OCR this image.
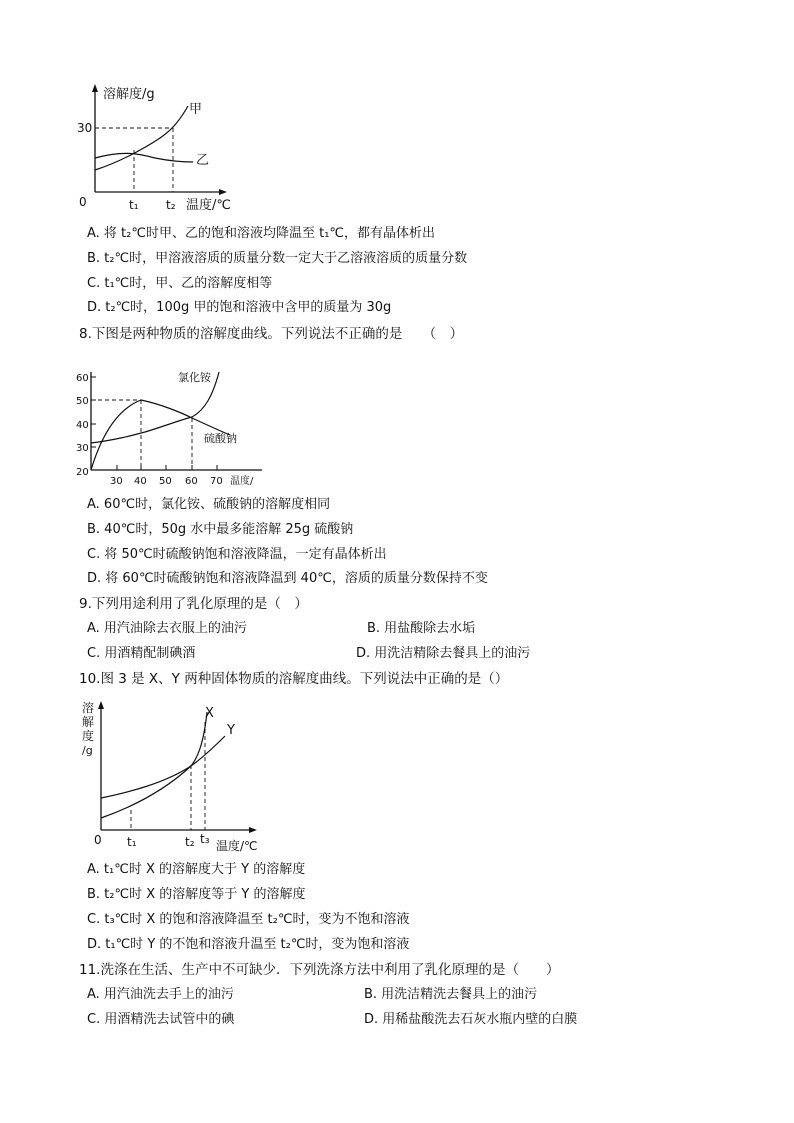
溶解度/g
30
0	t₁ t₂ 温度/℃
甲
乙
A. 将 t₂℃时甲、乙的饱和溶液均降温至 t₁℃，都有晶体析出
B. t₂℃时，甲溶液溶质的质量分数一定大于乙溶液溶质的质量分数
C. t₁℃时，甲、乙的溶解度相等
D. t₂℃时，100g 甲的饱和溶液中含甲的质量为 30g
8.下图是两种物质的溶解度曲线。下列说法不正确的是　　（　）
60
50
40
30
20
30 40 50 60 70 温度/
氯化铵
硫酸钠
A. 60℃时，氯化铵、硫酸钠的溶解度相同
B. 40℃时，50g 水中最多能溶解 25g 硫酸钠
C. 将 50℃时硫酸钠饱和溶液降温，一定有晶体析出
D. 将 60℃时硫酸钠饱和溶液降温到 40℃，溶质的质量分数保持不变
9.下列用途利用了乳化原理的是（　）
A. 用汽油除去衣服上的油污	B. 用盐酸除去水垢
C. 用酒精配制碘酒	D. 用洗洁精除去餐具上的油污
10.图 3 是 X、Y 两种固体物质的溶解度曲线。下列说法中正确的是（）
溶
解
度
/g
0 t₁	t₂ t₃ 温度/℃
X
Y
A. t₁℃时 X 的溶解度大于 Y 的溶解度
B. t₂℃时 X 的溶解度等于 Y 的溶解度
C. t₃℃时 X 的饱和溶液降温至 t₂℃时，变为不饱和溶液
D. t₁℃时 Y 的不饱和溶液升温至 t₂℃时，变为饱和溶液
11.洗涤在生活、生产中不可缺少．下列洗涤方法中利用了乳化原理的是（　　）
A. 用汽油洗去手上的油污	B. 用洗洁精洗去餐具上的油污
C. 用酒精洗去试管中的碘	D. 用稀盐酸洗去石灰水瓶内壁的白膜
